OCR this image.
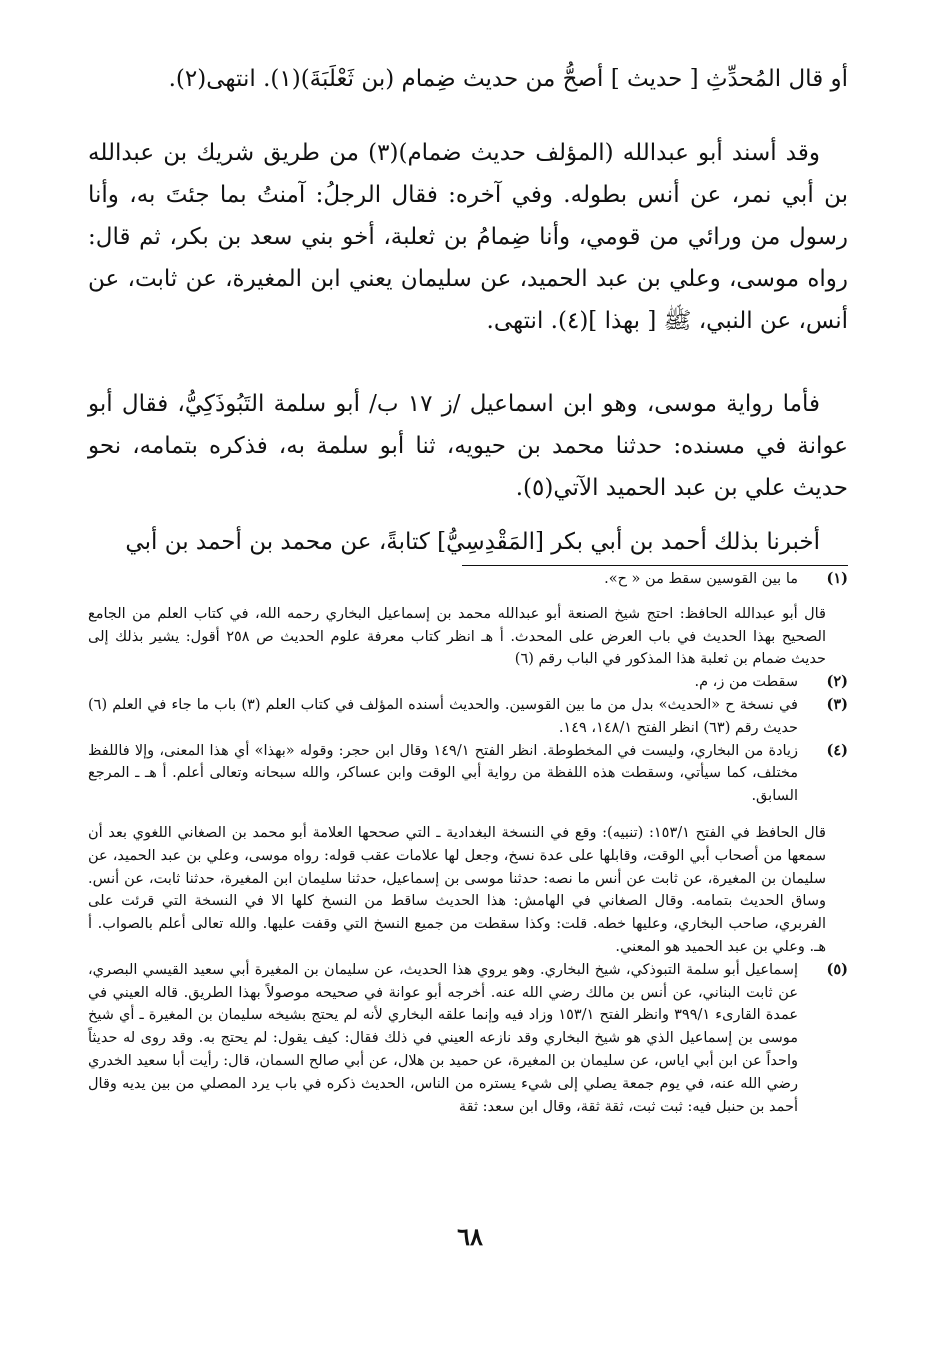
أو قال المُحدِّثِ [ حديث ] أصحُّ من حديث ضِمام (بن ثَعْلَبَةَ)(١). انتهى(٢).

وقد أسند أبو عبدالله (المؤلف حديث ضمام)(٣) من طريق شريك بن عبدالله بن أبي نمر، عن أنس بطوله. وفي آخره: فقال الرجلُ: آمنتُ بما جئتَ به، وأنا رسول من ورائي من قومي، وأنا ضِمامُ بن ثعلبة، أخو بني سعد بن بكر، ثم قال: رواه موسى، وعلي بن عبد الحميد، عن سليمان يعني ابن المغيرة، عن ثابت، عن أنس، عن النبي، ﷺ [ بهذا ](٤). انتهى.

فأما رواية موسى، وهو ابن اسماعيل /ز ١٧ ب/ أبو سلمة التَبُوذَكِيُّ، فقال أبو عوانة في مسنده: حدثنا محمد بن حيويه، ثنا أبو سلمة به، فذكره بتمامه، نحو حديث علي بن عبد الحميد الآتي(٥).

أخبرنا بذلك أحمد بن أبي بكر [المَقْدِسِيُّ] كتابةً، عن محمد بن أحمد بن أبي

(١)
ما بين القوسين سقط من « ح».

قال أبو عبدالله الحافظ: احتج شيخ الصنعة أبو عبدالله محمد بن إسماعيل البخاري رحمه الله، في كتاب العلم من الجامع الصحيح بهذا الحديث في باب العرض على المحدث. أ هـ انظر كتاب معرفة علوم الحديث ص ٢٥٨ أقول: يشير بذلك إلى حديث ضمام بن ثعلبة هذا المذكور في الباب رقم (٦)

(٢)
سقطت من ز، م.

(٣)
في نسخة ح «الحديث» بدل من ما بين القوسين. والحديث أسنده المؤلف في كتاب العلم (٣) باب ما جاء في العلم (٦) حديث رقم (٦٣) انظر الفتح ١٤٨/١، ١٤٩.

(٤)
زيادة من البخاري، وليست في المخطوطة. انظر الفتح ١٤٩/١ وقال ابن حجر: وقوله «بهذا» أي هذا المعنى، وإلا فاللفظ مختلف، كما سيأتي، وسقطت هذه اللفظة من رواية أبي الوقت وابن عساكر، والله سبحانه وتعالى أعلم. أ هـ ـ المرجع السابق.

قال الحافظ في الفتح ١٥٣/١: (تنبيه): وقع في النسخة البغدادية ـ التي صححها العلامة أبو محمد بن الصغاني اللغوي بعد أن سمعها من أصحاب أبي الوقت، وقابلها على عدة نسخ، وجعل لها علامات عقب قوله: رواه موسى، وعلي بن عبد الحميد، عن سليمان بن المغيرة، عن ثابت عن أنس ما نصه: حدثنا موسى بن إسماعيل، حدثنا سليمان ابن المغيرة، حدثنا ثابت، عن أنس. وساق الحديث بتمامه. وقال الصغاني في الهامش: هذا الحديث ساقط من النسخ كلها الا في النسخة التي قرئت على الفربري، صاحب البخاري، وعليها خطه. قلت: وكذا سقطت من جميع النسخ التي وقفت عليها. والله تعالى أعلم بالصواب. أ هـ. وعلي بن عبد الحميد هو المعني.

(٥)
إسماعيل أبو سلمة التبوذكي، شيخ البخاري. وهو يروي هذا الحديث، عن سليمان بن المغيرة أبي سعيد القيسي البصري، عن ثابت البناني، عن أنس بن مالك رضي الله عنه. أخرجه أبو عوانة في صحيحه موصولاً بهذا الطريق. قاله العيني في عمدة القارىء ٣٩٩/١ وانظر الفتح ١٥٣/١ وزاد فيه وإنما علقه البخاري لأنه لم يحتج بشيخه سليمان بن المغيرة ـ أي شيخ موسى بن إسماعيل الذي هو شيخ البخاري وقد نازعه العيني في ذلك فقال: كيف يقول: لم يحتج به. وقد روى له حديثاً واحداً عن ابن أبي اياس، عن سليمان بن المغيرة، عن حميد بن هلال، عن أبي صالح السمان، قال: رأيت أبا سعيد الخدري رضي الله عنه، في يوم جمعة يصلي إلى شيء يستره من الناس، الحديث ذكره في باب يرد المصلي من بين يديه وقال أحمد بن حنبل فيه: ثبت ثبت، ثقة ثقة، وقال ابن سعد: ثقة

٦٨
